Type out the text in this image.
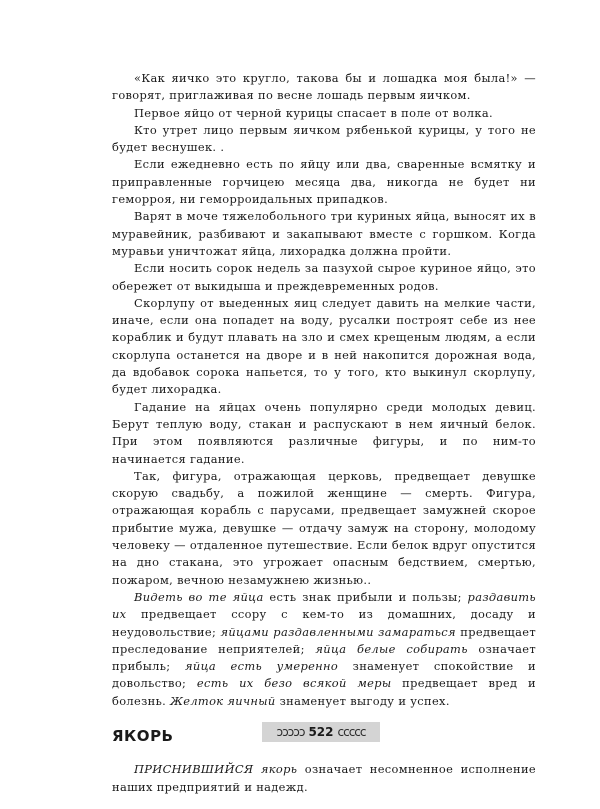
«Как яичко это кругло, такова бы и лошадка моя была!» — говорят, приглаживая по весне лошадь первым яичком.

Первое яйцо от черной курицы спасает в поле от волка.

Кто утрет лицо первым яичком рябенькой курицы, у того не будет веснушек. .

Если ежедневно есть по яйцу или два, сваренные всмятку и приправленные горчицею месяца два, никогда не будет ни геморроя, ни геморроидальных припадков.

Варят в моче тяжелобольного три куриных яйца, выносят их в муравейник, разбивают и закапывают вместе с горшком. Когда муравьи уничтожат яйца, лихорадка должна пройти.

Если носить сорок недель за пазухой сырое куриное яйцо, это обережет от выкидыша и преждевременных родов.

Скорлупу от выеденных яиц следует давить на мелкие части, иначе, если она попадет на воду, русалки построят себе из нее кораблик и будут плавать на зло и смех крещеным людям, а если скорлупа останется на дворе и в ней накопится дорожная вода, да вдобавок сорока напьется, то у того, кто выкинул скорлупу, будет лихорадка.

Гадание на яйцах очень популярно среди молодых девиц. Берут теплую воду, стакан и распускают в нем яичный белок. При этом появляются различные фигуры, и по ним-то начинается гадание.

Так, фигура, отражающая церковь, предвещает девушке скорую свадьбу, а пожилой женщине — смерть. Фигура, отражающая корабль с парусами, предвещает замужней скорое прибытие мужа, девушке — отдачу замуж на сторону, молодому человеку — отдаленное путешествие. Если белок вдруг опустится на дно стакана, это угрожает опасным бедствием, смертью, пожаром, вечною незамужнею жизнью..

Видеть во те яйца есть знак прибыли и пользы; раздавить их предвещает ссору с кем-то из домашних, досаду и неудовольствие; яйцами раздавленными замараться предвещает преследование неприятелей; яйца белые собирать означает прибыль; яйца есть умеренно знаменует спокойствие и довольство; есть их безо всякой меры предвещает вред и болезнь. Желток яичный знаменует выгоду и успех.

ЯКОРЬ

ПРИСНИВШИЙСЯ якорь означает несомненное исполнение наших предприятий и надежд.

ↄↄↄↄↄ 522 ccccc
